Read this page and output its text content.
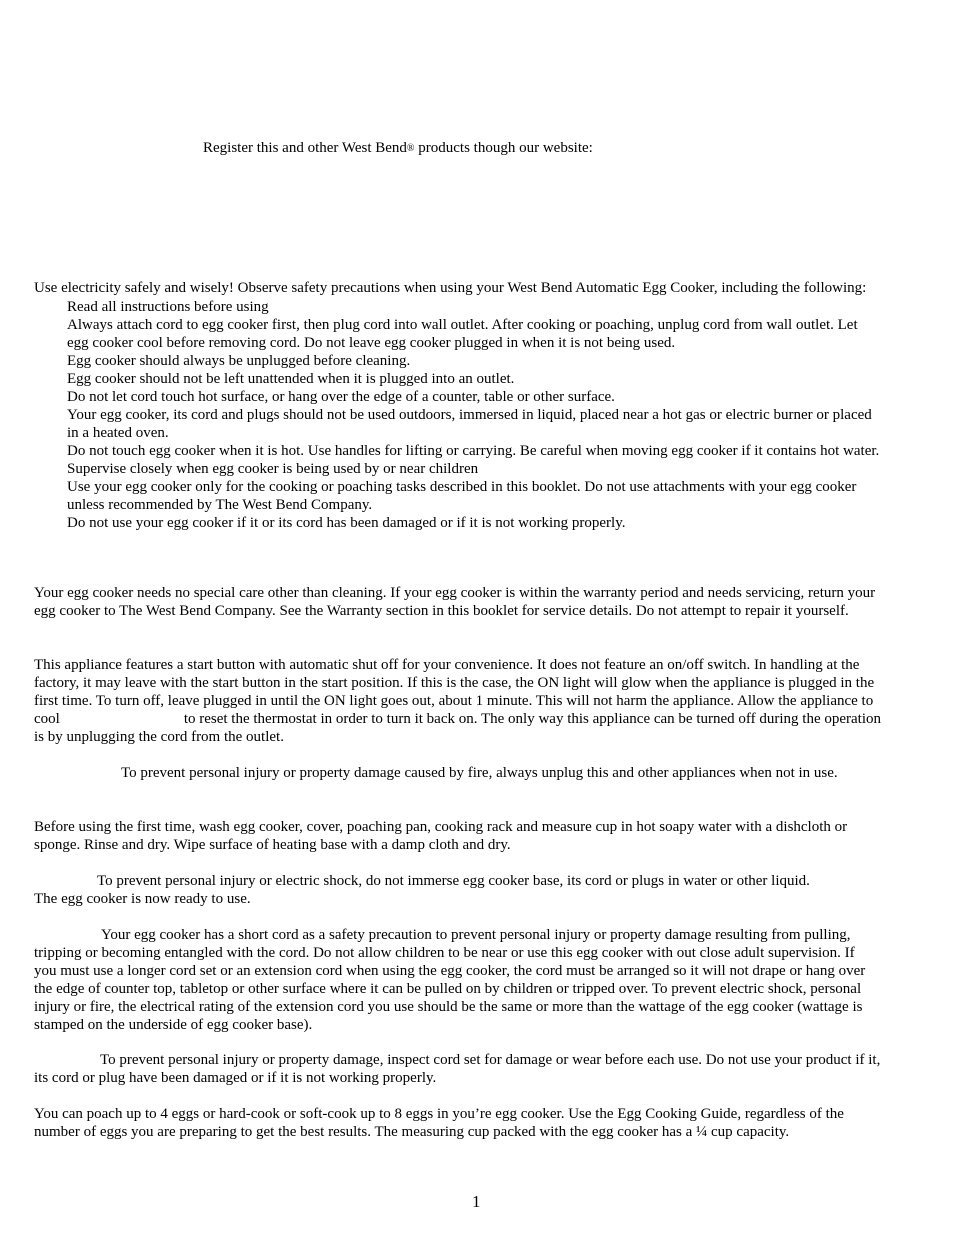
Register this and other West Bend® products though our website:
Use electricity safely and wisely! Observe safety precautions when using your West Bend Automatic Egg Cooker, including the following:
Read all instructions before using
Always attach cord to egg cooker first, then plug cord into wall outlet. After cooking or poaching, unplug cord from wall outlet. Let
egg cooker cool before removing cord. Do not leave egg cooker plugged in when it is not being used.
Egg cooker should always be unplugged before cleaning.
Egg cooker should not be left unattended when it is plugged into an outlet.
Do not let cord touch hot surface, or hang over the edge of a counter, table or other surface.
Your egg cooker, its cord and plugs should not be used outdoors, immersed in liquid, placed near a hot gas or electric burner or placed
in a heated oven.
Do not touch egg cooker when it is hot. Use handles for lifting or carrying. Be careful when moving egg cooker if it contains hot water.
Supervise closely when egg cooker is being used by or near children
Use your egg cooker only for the cooking or poaching tasks described in this booklet. Do not use attachments with your egg cooker
unless recommended by The West Bend Company.
Do not use your egg cooker if it or its cord has been damaged or if it is not working properly.

Your egg cooker needs no special care other than cleaning. If your egg cooker is within the warranty period and needs servicing, return your

egg cooker to The West Bend Company. See the Warranty section in this booklet for service details. Do not attempt to repair it yourself.

This appliance features a start button with automatic shut off for your convenience. It does not feature an on/off switch. In handling at the

factory, it may leave with the start button in the start position. If this is the case, the ON light will glow when the appliance is plugged in the

first time. To turn off, leave plugged in until the ON light goes out, about 1 minute. This will not harm the appliance. Allow the appliance to

cool	to reset the thermostat in order to turn it back on. The only way this appliance can be turned off during the operation

is by unplugging the cord from the outlet.

To prevent personal injury or property damage caused by fire, always unplug this and other appliances when not in use.

Before using the first time, wash egg cooker, cover, poaching pan, cooking rack and measure cup in hot soapy water with a dishcloth or

sponge. Rinse and dry. Wipe surface of heating base with a damp cloth and dry.

To prevent personal injury or electric shock, do not immerse egg cooker base, its cord or plugs in water or other liquid.
The egg cooker is now ready to use.
Your egg cooker has a short cord as a safety precaution to prevent personal injury or property damage resulting from pulling,

tripping or becoming entangled with the cord. Do not allow children to be near or use this egg cooker with out close adult supervision. If

you must use a longer cord set or an extension cord when using the egg cooker, the cord must be arranged so it will not drape or hang over

the edge of counter top, tabletop or other surface where it can be pulled on by children or tripped over. To prevent electric shock, personal

injury or fire, the electrical rating of the extension cord you use should be the same or more than the wattage of the egg cooker (wattage is

stamped on the underside of egg cooker base).

To prevent personal injury or property damage, inspect cord set for damage or wear before each use. Do not use your product if it,
its cord or plug have been damaged or if it is not working properly.

You can poach up to 4 eggs or hard-cook or soft-cook up to 8 eggs in you’re egg cooker. Use the Egg Cooking Guide, regardless of the

number of eggs you are preparing to get the best results. The measuring cup packed with the egg cooker has a ¼ cup capacity.

1
